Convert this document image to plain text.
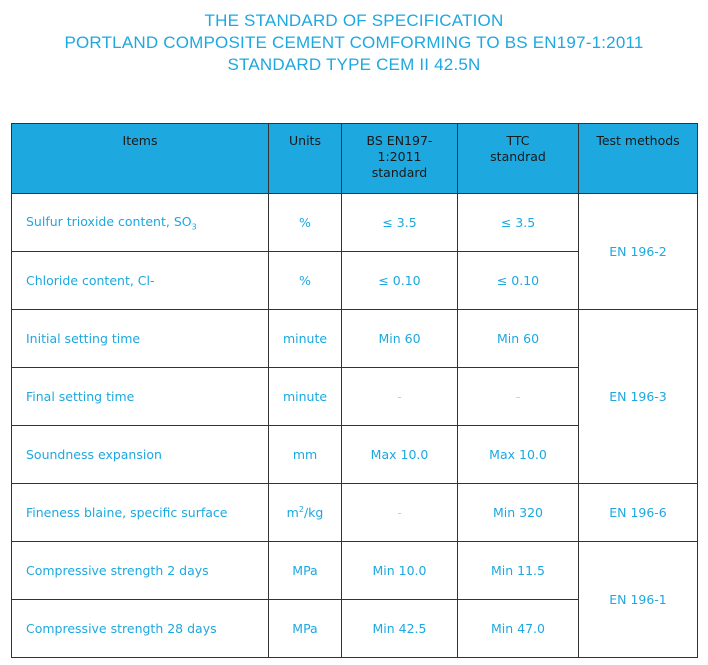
THE STANDARD OF SPECIFICATION
PORTLAND COMPOSITE CEMENT COMFORMING TO BS EN197-1:2011
STANDARD TYPE CEM II 42.5N
Items	Units	BS EN197-1:2011 standard	TTC standrad	Test methods
Sulfur trioxide content, $SO_3$	%	≤ 3.5	≤ 3.5	EN 196-2
Chloride content, Cl-	%	≤ 0.10	≤ 0.10	
Initial setting time	minute	Min 60	Min 60	EN 196-3
Final setting time	minute	-	-	
Soundness expansion	mm	Max 10.0	Max 10.0	
Fineness blaine, specific surface	$m^2/kg$	-	Min 320	EN 196-6
Compressive strength 2 days	MPa	Min 10.0	Min 11.5	EN 196-1
Compressive strength 28 days	MPa	Min 42.5	Min 47.0	
